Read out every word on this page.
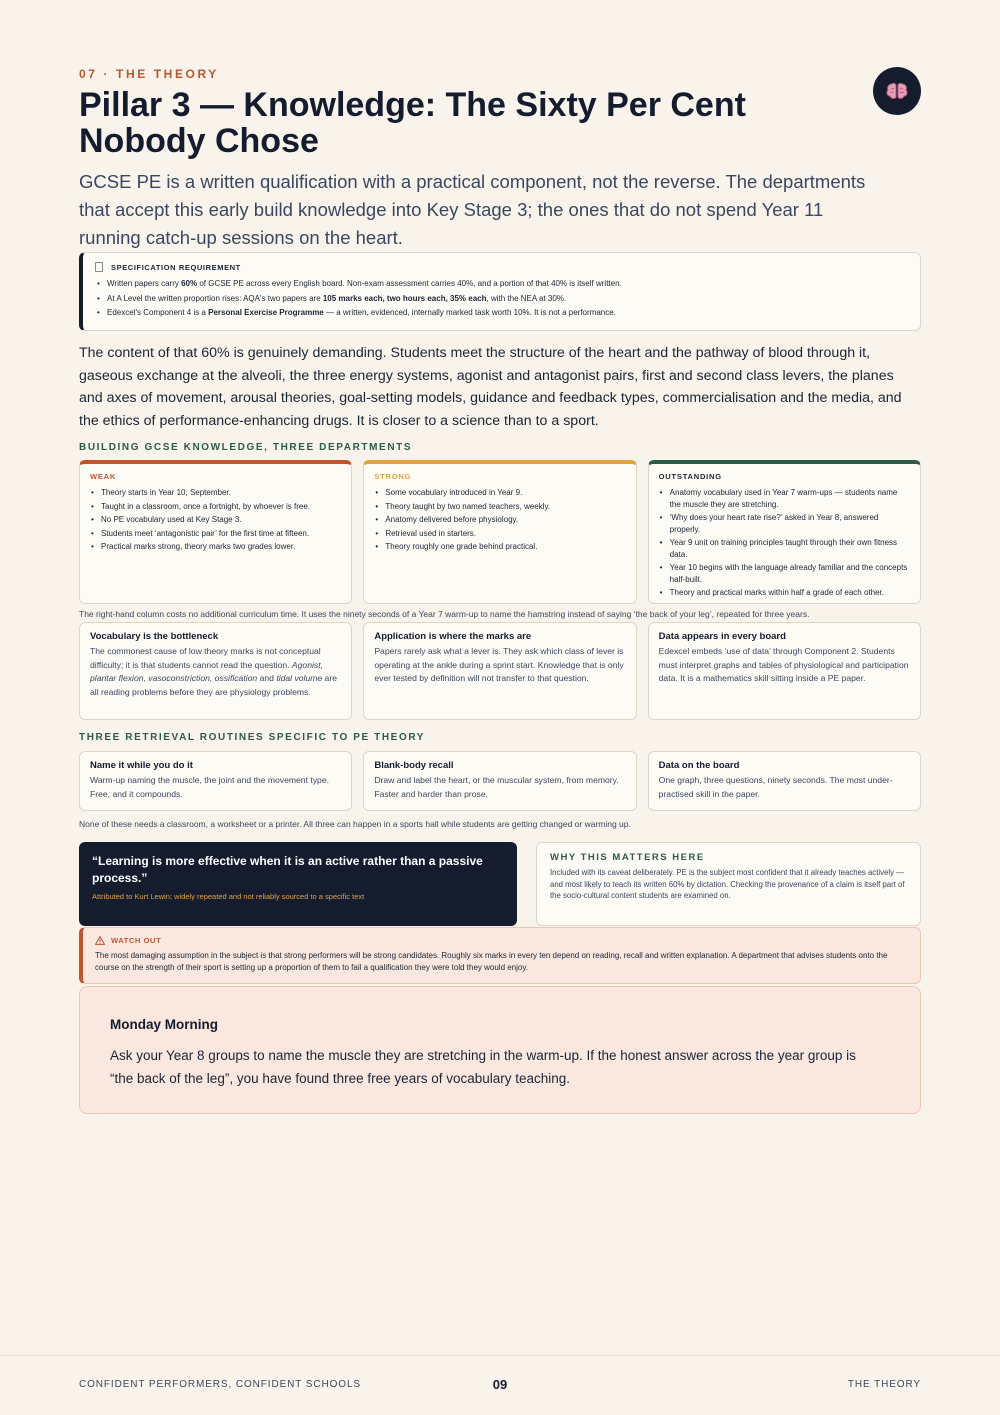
07 · THE THEORY
Pillar 3 — Knowledge: The Sixty Per Cent Nobody Chose

GCSE PE is a written qualification with a practical component, not the reverse. The departments that accept this early build knowledge into Key Stage 3; the ones that do not spend Year 11 running catch-up sessions on the heart.

SPECIFICATION REQUIREMENT
• Written papers carry 60% of GCSE PE across every English board. Non-exam assessment carries 40%, and a portion of that 40% is itself written.
• At A Level the written proportion rises: AQA's two papers are 105 marks each, two hours each, 35% each, with the NEA at 30%.
• Edexcel's Component 4 is a Personal Exercise Programme — a written, evidenced, internally marked task worth 10%. It is not a performance.

The content of that 60% is genuinely demanding. Students meet the structure of the heart and the pathway of blood through it, gaseous exchange at the alveoli, the three energy systems, agonist and antagonist pairs, first and second class levers, the planes and axes of movement, arousal theories, goal-setting models, guidance and feedback types, commercialisation and the media, and the ethics of performance-enhancing drugs. It is closer to a science than to a sport.

BUILDING GCSE KNOWLEDGE, THREE DEPARTMENTS
WEAK
• Theory starts in Year 10, September.
• Taught in a classroom, once a fortnight, by whoever is free.
• No PE vocabulary used at Key Stage 3.
• Students meet ‘antagonistic pair’ for the first time at fifteen.
• Practical marks strong, theory marks two grades lower.
STRONG
• Some vocabulary introduced in Year 9.
• Theory taught by two named teachers, weekly.
• Anatomy delivered before physiology.
• Retrieval used in starters.
• Theory roughly one grade behind practical.
OUTSTANDING
• Anatomy vocabulary used in Year 7 warm-ups — students name the muscle they are stretching.
• ‘Why does your heart rate rise?’ asked in Year 8, answered properly.
• Year 9 unit on training principles taught through their own fitness data.
• Year 10 begins with the language already familiar and the concepts half-built.
• Theory and practical marks within half a grade of each other.
The right-hand column costs no additional curriculum time. It uses the ninety seconds of a Year 7 warm-up to name the hamstring instead of saying ‘the back of your leg’, repeated for three years.
Vocabulary is the bottleneck
The commonest cause of low theory marks is not conceptual difficulty; it is that students cannot read the question. Agonist, plantar flexion, vasoconstriction, ossification and tidal volume are all reading problems before they are physiology problems.
Application is where the marks are
Papers rarely ask what a lever is. They ask which class of lever is operating at the ankle during a sprint start. Knowledge that is only ever tested by definition will not transfer to that question.
Data appears in every board
Edexcel embeds ‘use of data’ through Component 2. Students must interpret graphs and tables of physiological and participation data. It is a mathematics skill sitting inside a PE paper.
THREE RETRIEVAL ROUTINES SPECIFIC TO PE THEORY
Name it while you do it
Warm-up naming the muscle, the joint and the movement type. Free, and it compounds.
Blank-body recall
Draw and label the heart, or the muscular system, from memory. Faster and harder than prose.
Data on the board
One graph, three questions, ninety seconds. The most under-practised skill in the paper.
None of these needs a classroom, a worksheet or a printer. All three can happen in a sports hall while students are getting changed or warming up.
“Learning is more effective when it is an active rather than a passive process.”
Attributed to Kurt Lewin; widely repeated and not reliably sourced to a specific text
WHY THIS MATTERS HERE
Included with its caveat deliberately. PE is the subject most confident that it already teaches actively — and most likely to teach its written 60% by dictation. Checking the provenance of a claim is itself part of the socio-cultural content students are examined on.
WATCH OUT
The most damaging assumption in the subject is that strong performers will be strong candidates. Roughly six marks in every ten depend on reading, recall and written explanation. A department that advises students onto the course on the strength of their sport is setting up a proportion of them to fail a qualification they were told they would enjoy.
Monday Morning
Ask your Year 8 groups to name the muscle they are stretching in the warm-up. If the honest answer across the year group is “the back of the leg”, you have found three free years of vocabulary teaching.
CONFIDENT PERFORMERS, CONFIDENT SCHOOLS	09	THE THEORY
